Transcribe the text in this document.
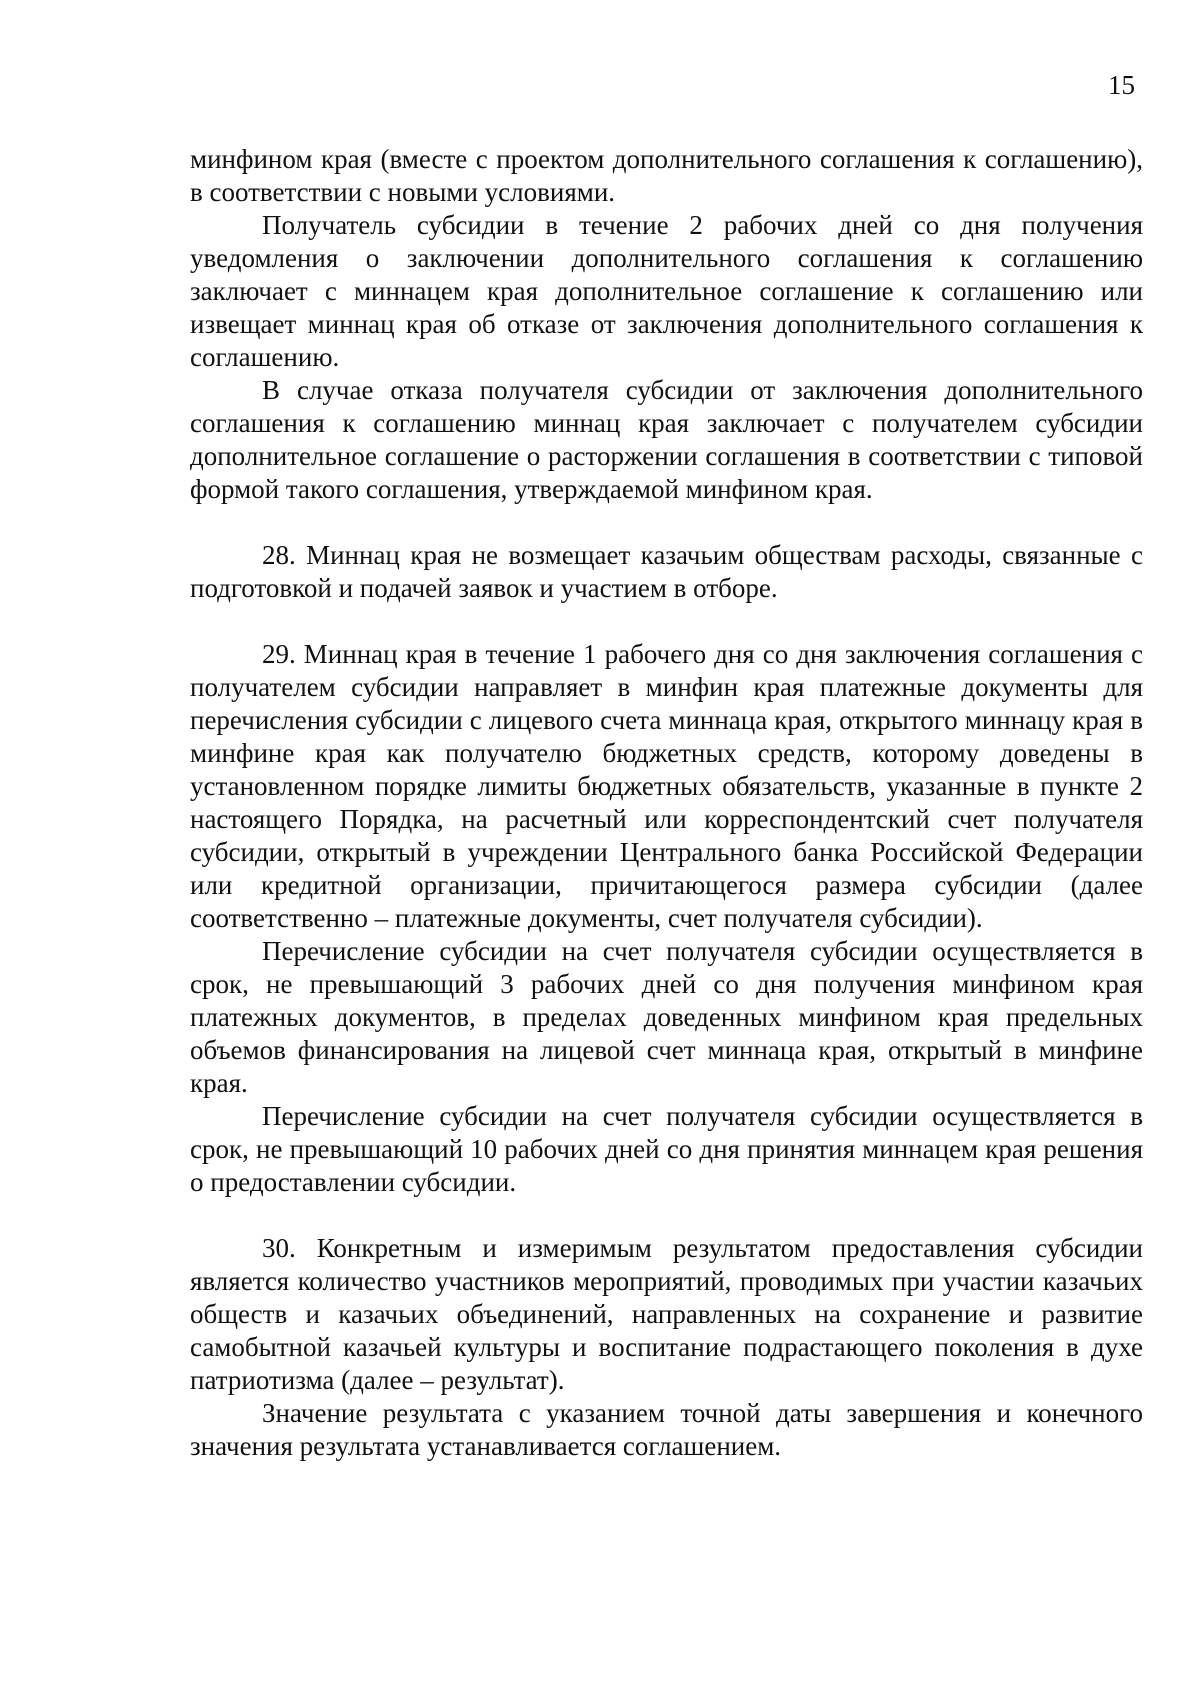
15

минфином края (вместе с проектом дополнительного соглашения к соглашению), в соответствии с новыми условиями.

Получатель субсидии в течение 2 рабочих дней со дня получения уведомления о заключении дополнительного соглашения к соглашению заключает с миннацем края дополнительное соглашение к соглашению или извещает миннац края об отказе от заключения дополнительного соглашения к соглашению.

В случае отказа получателя субсидии от заключения дополнительного соглашения к соглашению миннац края заключает с получателем субсидии дополнительное соглашение о расторжении соглашения в соответствии с типовой формой такого соглашения, утверждаемой минфином края.

28. Миннац края не возмещает казачьим обществам расходы, связанные с подготовкой и подачей заявок и участием в отборе.

29. Миннац края в течение 1 рабочего дня со дня заключения соглашения с получателем субсидии направляет в минфин края платежные документы для перечисления субсидии с лицевого счета миннаца края, открытого миннацу края в минфине края как получателю бюджетных средств, которому доведены в установленном порядке лимиты бюджетных обязательств, указанные в пункте 2 настоящего Порядка, на расчетный или корреспондентский счет получателя субсидии, открытый в учреждении Центрального банка Российской Федерации или кредитной организации, причитающегося размера субсидии (далее соответственно – платежные документы, счет получателя субсидии).

Перечисление субсидии на счет получателя субсидии осуществляется в срок, не превышающий 3 рабочих дней со дня получения минфином края платежных документов, в пределах доведенных минфином края предельных объемов финансирования на лицевой счет миннаца края, открытый в минфине края.

Перечисление субсидии на счет получателя субсидии осуществляется в срок, не превышающий 10 рабочих дней со дня принятия миннацем края решения о предоставлении субсидии.

30. Конкретным и измеримым результатом предоставления субсидии является количество участников мероприятий, проводимых при участии казачьих обществ и казачьих объединений, направленных на сохранение и развитие самобытной казачьей культуры и воспитание подрастающего поколения в духе патриотизма (далее – результат).

Значение результата с указанием точной даты завершения и конечного значения результата устанавливается соглашением.
